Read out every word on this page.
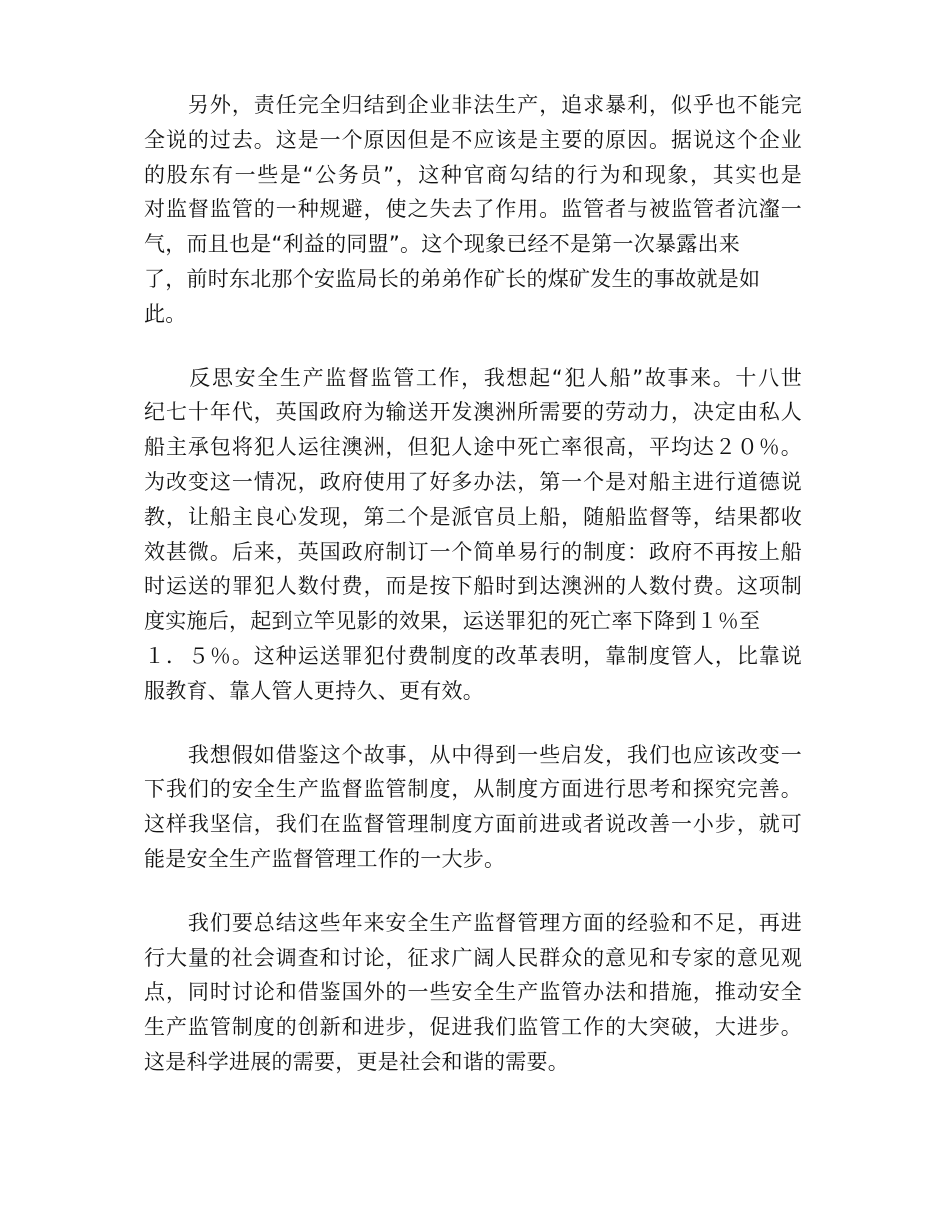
　　另外，责任完全归结到企业非法生产，追求暴利，似乎也不能完
全说的过去。这是一个原因但是不应该是主要的原因。据说这个企业
的股东有一些是“公务员”，这种官商勾结的行为和现象，其实也是
对监督监管的一种规避，使之失去了作用。监管者与被监管者沆瀣一
气，而且也是“利益的同盟”。这个现象已经不是第一次暴露出来
了，前时东北那个安监局长的弟弟作矿长的煤矿发生的事故就是如
此。
　　反思安全生产监督监管工作，我想起“犯人船”故事来。十八世
纪七十年代，英国政府为输送开发澳洲所需要的劳动力，决定由私人
船主承包将犯人运往澳洲，但犯人途中死亡率很高，平均达２０％。
为改变这一情况，政府使用了好多办法，第一个是对船主进行道德说
教，让船主良心发现，第二个是派官员上船，随船监督等，结果都收
效甚微。后来，英国政府制订一个简单易行的制度：政府不再按上船
时运送的罪犯人数付费，而是按下船时到达澳洲的人数付费。这项制
度实施后，起到立竿见影的效果，运送罪犯的死亡率下降到１％至
１．５％。这种运送罪犯付费制度的改革表明，靠制度管人，比靠说
服教育、靠人管人更持久、更有效。
　　我想假如借鉴这个故事，从中得到一些启发，我们也应该改变一
下我们的安全生产监督监管制度，从制度方面进行思考和探究完善。
这样我坚信，我们在监督管理制度方面前进或者说改善一小步，就可
能是安全生产监督管理工作的一大步。
　　我们要总结这些年来安全生产监督管理方面的经验和不足，再进
行大量的社会调查和讨论，征求广阔人民群众的意见和专家的意见观
点，同时讨论和借鉴国外的一些安全生产监管办法和措施，推动安全
生产监管制度的创新和进步，促进我们监管工作的大突破，大进步。
这是科学进展的需要，更是社会和谐的需要。
